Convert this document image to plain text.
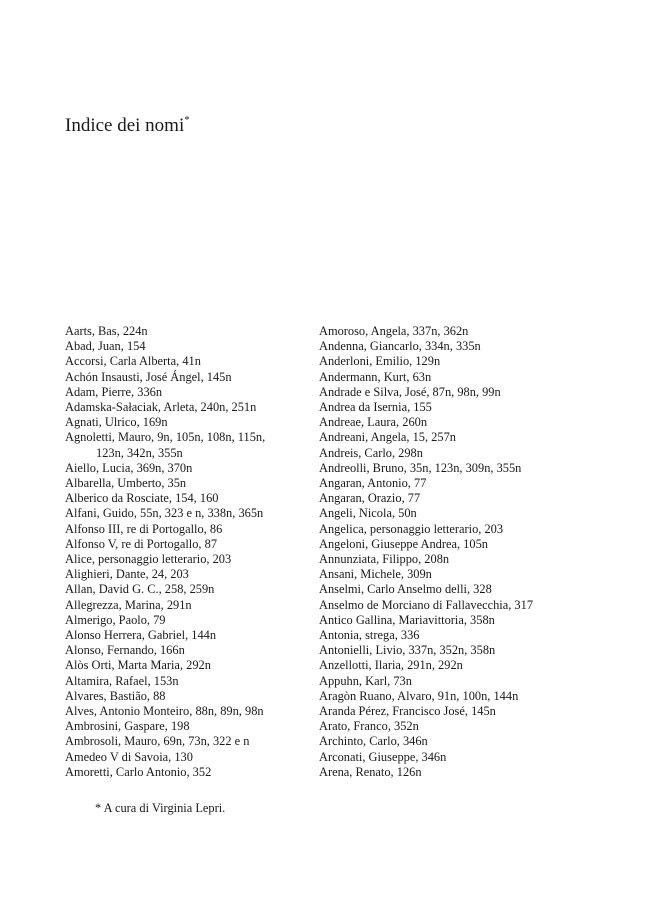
Indice dei nomi*
Aarts, Bas, 224n
Abad, Juan, 154
Accorsi, Carla Alberta, 41n
Achón Insausti, José Ángel, 145n
Adam, Pierre, 336n
Adamska-Sałaciak, Arleta, 240n, 251n
Agnati, Ulrico, 169n
Agnoletti, Mauro, 9n, 105n, 108n, 115n,
123n, 342n, 355n
Aiello, Lucia, 369n, 370n
Albarella, Umberto, 35n
Alberico da Rosciate, 154, 160
Alfani, Guido, 55n, 323 e n, 338n, 365n
Alfonso III, re di Portogallo, 86
Alfonso V, re di Portogallo, 87
Alice, personaggio letterario, 203
Alighieri, Dante, 24, 203
Allan, David G. C., 258, 259n
Allegrezza, Marina, 291n
Almerigo, Paolo, 79
Alonso Herrera, Gabriel, 144n
Alonso, Fernando, 166n
Alòs Orti, Marta Maria, 292n
Altamira, Rafael, 153n
Alvares, Bastião, 88
Alves, Antonio Monteiro, 88n, 89n, 98n
Ambrosini, Gaspare, 198
Ambrosoli, Mauro, 69n, 73n, 322 e n
Amedeo V di Savoia, 130
Amoretti, Carlo Antonio, 352
Amoroso, Angela, 337n, 362n
Andenna, Giancarlo, 334n, 335n
Anderloni, Emilio, 129n
Andermann, Kurt, 63n
Andrade e Silva, José, 87n, 98n, 99n
Andrea da Isernia, 155
Andreae, Laura, 260n
Andreani, Angela, 15, 257n
Andreis, Carlo, 298n
Andreolli, Bruno, 35n, 123n, 309n, 355n
Angaran, Antonio, 77
Angaran, Orazio, 77
Angeli, Nicola, 50n
Angelica, personaggio letterario, 203
Angeloni, Giuseppe Andrea, 105n
Annunziata, Filippo, 208n
Ansani, Michele, 309n
Anselmi, Carlo Anselmo delli, 328
Anselmo de Morciano di Fallavecchia, 317
Antico Gallina, Mariavittoria, 358n
Antonia, strega, 336
Antonielli, Livio, 337n, 352n, 358n
Anzellotti, Ilaria, 291n, 292n
Appuhn, Karl, 73n
Aragòn Ruano, Alvaro, 91n, 100n, 144n
Aranda Pérez, Francisco José, 145n
Arato, Franco, 352n
Archinto, Carlo, 346n
Arconati, Giuseppe, 346n
Arena, Renato, 126n
* A cura di Virginia Lepri.
